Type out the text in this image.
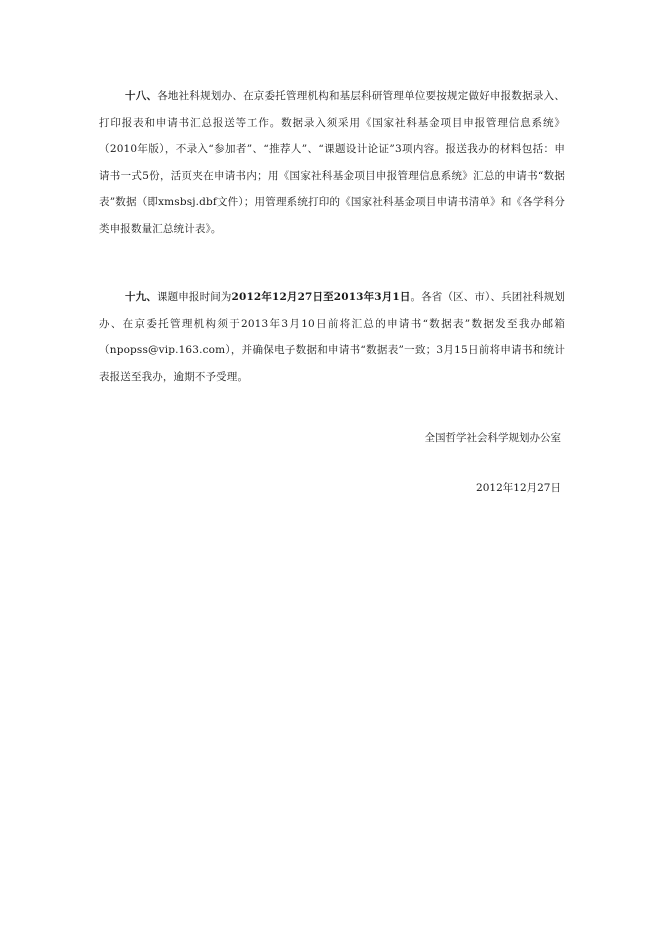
十八、各地社科规划办、在京委托管理机构和基层科研管理单位要按规定做好申报数据录入、打印报表和申请书汇总报送等工作。数据录入须采用《国家社科基金项目申报管理信息系统》（2010年版），不录入“参加者”、“推荐人”、“课题设计论证”3项内容。报送我办的材料包括：申请书一式5份，活页夹在申请书内；用《国家社科基金项目申报管理信息系统》汇总的申请书“数据表”数据（即xmsbsj.dbf文件）；用管理系统打印的《国家社科基金项目申请书清单》和《各学科分类申报数量汇总统计表》。

十九、课题申报时间为2012年12月27日至2013年3月1日。各省（区、市）、兵团社科规划办、在京委托管理机构须于2013年3月10日前将汇总的申请书“数据表”数据发至我办邮箱（npopss@vip.163.com），并确保电子数据和申请书“数据表”一致；3月15日前将申请书和统计表报送至我办，逾期不予受理。

全国哲学社会科学规划办公室

2012年12月27日
